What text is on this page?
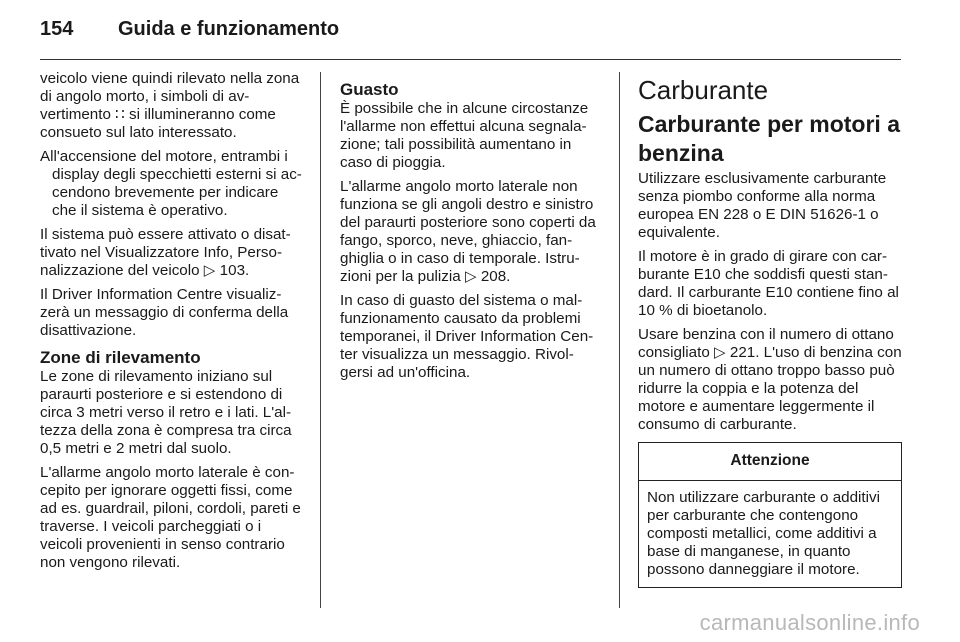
154	Guida e funzionamento

veicolo viene quindi rilevato nella zona di angolo morto, i simboli di av-vertimento ∷ si illumineranno come consueto sul lato interessato.

All'accensione del motore, entrambi i display degli specchietti esterni si ac-cendono brevemente per indicare che il sistema è operativo.

Il sistema può essere attivato o disat-tivato nel Visualizzatore Info, Perso-nalizzazione del veicolo ▷ 103.

Il Driver Information Centre visualiz-zerà un messaggio di conferma della disattivazione.

Zone di rilevamento

Le zone di rilevamento iniziano sul paraurti posteriore e si estendono di circa 3 metri verso il retro e i lati. L'al-tezza della zona è compresa tra circa 0,5 metri e 2 metri dal suolo.

L'allarme angolo morto laterale è con-cepito per ignorare oggetti fissi, come ad es. guardrail, piloni, cordoli, pareti e traverse. I veicoli parcheggiati o i veicoli provenienti in senso contrario non vengono rilevati.

Guasto

È possibile che in alcune circostanze l'allarme non effettui alcuna segnala-zione; tali possibilità aumentano in caso di pioggia.

L'allarme angolo morto laterale non funziona se gli angoli destro e sinistro del paraurti posteriore sono coperti da fango, sporco, neve, ghiaccio, fan-ghiglia o in caso di temporale. Istru-zioni per la pulizia ▷ 208.

In caso di guasto del sistema o mal-funzionamento causato da problemi temporanei, il Driver Information Cen-ter visualizza un messaggio. Rivol-gersi ad un'officina.

Carburante
Carburante per motori a benzina

Utilizzare esclusivamente carburante senza piombo conforme alla norma europea EN 228 o E DIN 51626-1 o equivalente.

Il motore è in grado di girare con car-burante E10 che soddisfi questi stan-dard. Il carburante E10 contiene fino al 10 % di bioetanolo.

Usare benzina con il numero di ottano consigliato ▷ 221. L'uso di benzina con un numero di ottano troppo basso può ridurre la coppia e la potenza del motore e aumentare leggermente il consumo di carburante.

Attenzione
Non utilizzare carburante o additivi per carburante che contengono composti metallici, come additivi a base di manganese, in quanto possono danneggiare il motore.
carmanualsonline.info
